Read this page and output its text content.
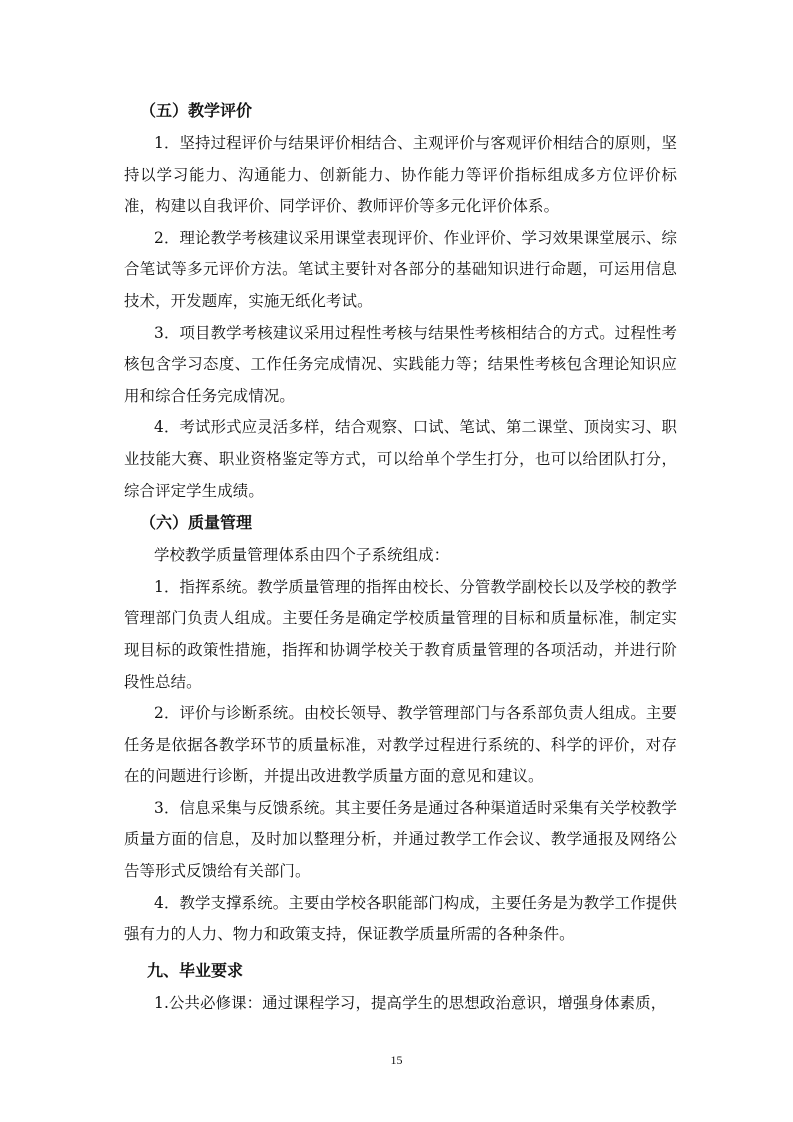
（五）教学评价

1．坚持过程评价与结果评价相结合、主观评价与客观评价相结合的原则，坚持以学习能力、沟通能力、创新能力、协作能力等评价指标组成多方位评价标准，构建以自我评价、同学评价、教师评价等多元化评价体系。

2．理论教学考核建议采用课堂表现评价、作业评价、学习效果课堂展示、综合笔试等多元评价方法。笔试主要针对各部分的基础知识进行命题，可运用信息技术，开发题库，实施无纸化考试。

3．项目教学考核建议采用过程性考核与结果性考核相结合的方式。过程性考核包含学习态度、工作任务完成情况、实践能力等；结果性考核包含理论知识应用和综合任务完成情况。

4．考试形式应灵活多样，结合观察、口试、笔试、第二课堂、顶岗实习、职业技能大赛、职业资格鉴定等方式，可以给单个学生打分，也可以给团队打分，综合评定学生成绩。

（六）质量管理

学校教学质量管理体系由四个子系统组成：

1．指挥系统。教学质量管理的指挥由校长、分管教学副校长以及学校的教学管理部门负责人组成。主要任务是确定学校质量管理的目标和质量标准，制定实现目标的政策性措施，指挥和协调学校关于教育质量管理的各项活动，并进行阶段性总结。

2．评价与诊断系统。由校长领导、教学管理部门与各系部负责人组成。主要任务是依据各教学环节的质量标准，对教学过程进行系统的、科学的评价，对存在的问题进行诊断，并提出改进教学质量方面的意见和建议。

3．信息采集与反馈系统。其主要任务是通过各种渠道适时采集有关学校教学质量方面的信息，及时加以整理分析，并通过教学工作会议、教学通报及网络公告等形式反馈给有关部门。

4．教学支撑系统。主要由学校各职能部门构成，主要任务是为教学工作提供强有力的人力、物力和政策支持，保证教学质量所需的各种条件。

九、毕业要求

1.公共必修课：通过课程学习，提高学生的思想政治意识，增强身体素质，

15
